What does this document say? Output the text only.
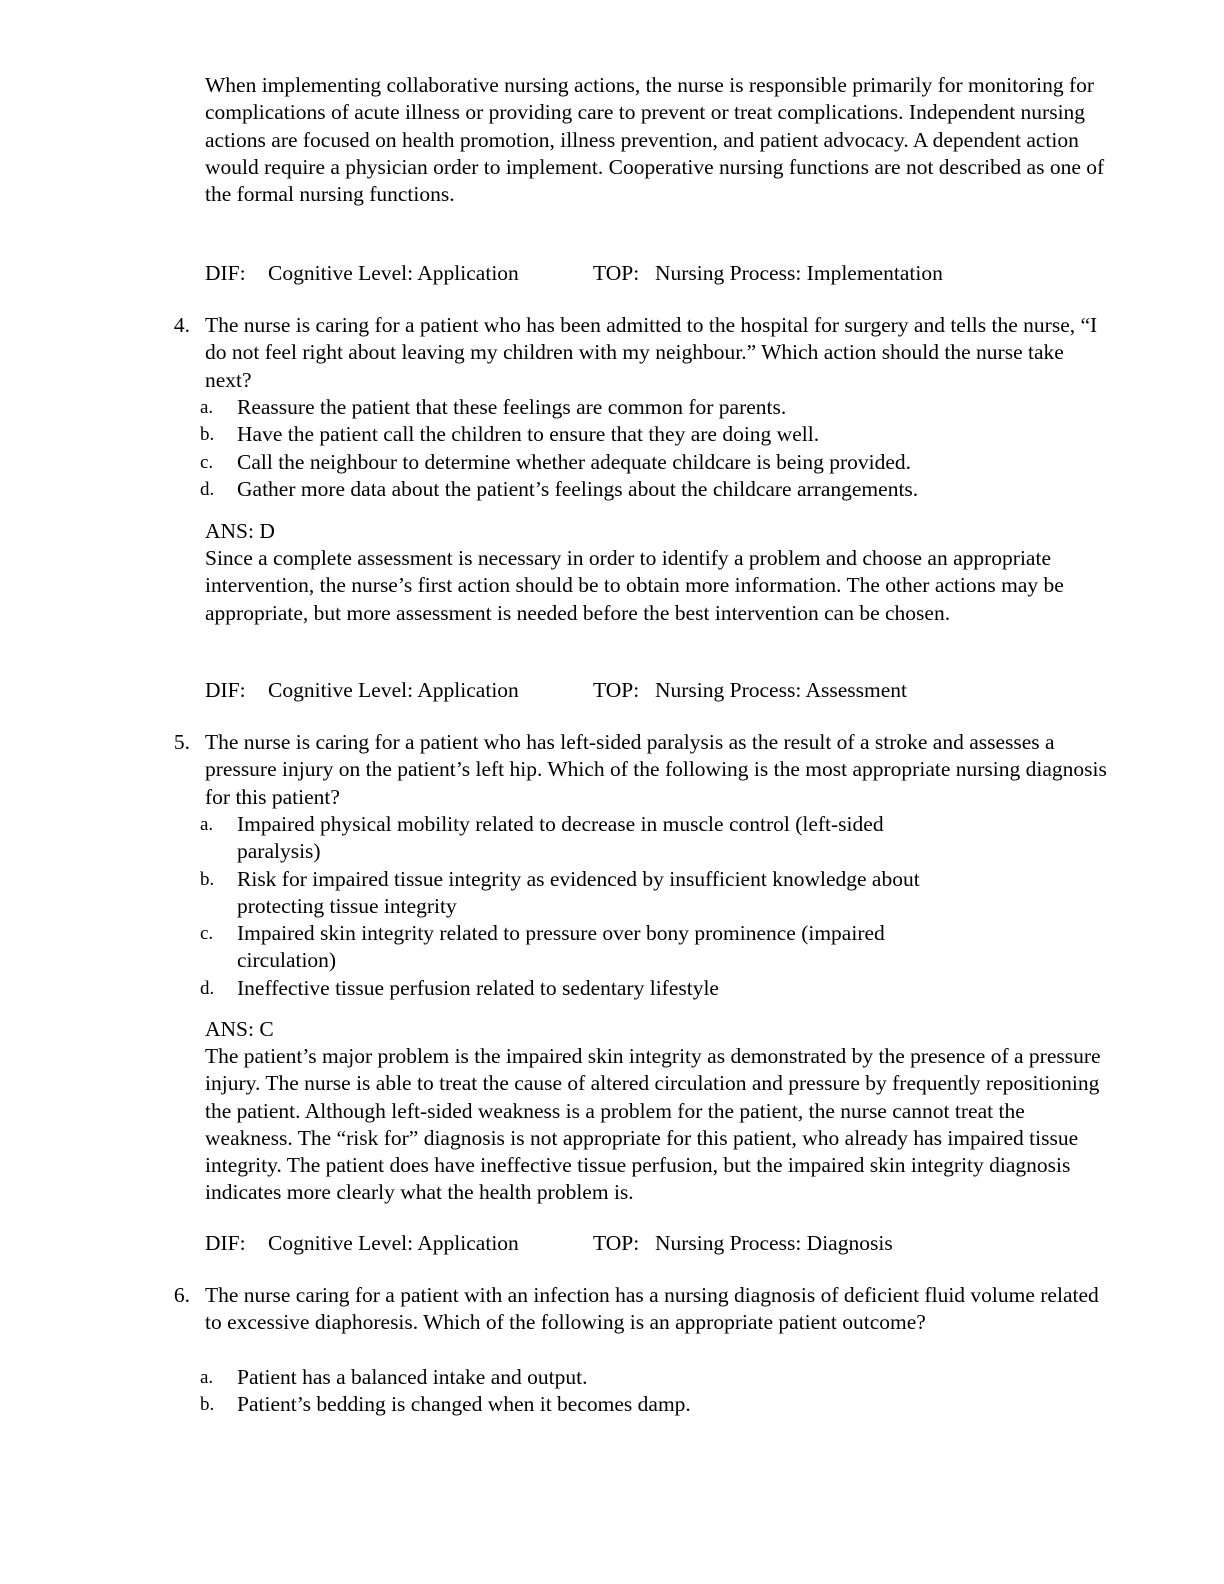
When implementing collaborative nursing actions, the nurse is responsible primarily for monitoring for complications of acute illness or providing care to prevent or treat complications. Independent nursing actions are focused on health promotion, illness prevention, and patient advocacy. A dependent action would require a physician order to implement. Cooperative nursing functions are not described as one of the formal nursing functions.

DIF: Cognitive Level: Application	TOP: Nursing Process: Implementation
4. The nurse is caring for a patient who has been admitted to the hospital for surgery and tells the nurse, “I do not feel right about leaving my children with my neighbour.” Which action should the nurse take next?
a. Reassure the patient that these feelings are common for parents.
b. Have the patient call the children to ensure that they are doing well.
c. Call the neighbour to determine whether adequate childcare is being provided.
d. Gather more data about the patient’s feelings about the childcare arrangements.
ANS: D

Since a complete assessment is necessary in order to identify a problem and choose an appropriate intervention, the nurse’s first action should be to obtain more information. The other actions may be appropriate, but more assessment is needed before the best intervention can be chosen.

DIF: Cognitive Level: Application	TOP: Nursing Process: Assessment
5. The nurse is caring for a patient who has left-sided paralysis as the result of a stroke and assesses a pressure injury on the patient’s left hip. Which of the following is the most appropriate nursing diagnosis for this patient?
a. Impaired physical mobility related to decrease in muscle control (left-sided paralysis)
b. Risk for impaired tissue integrity as evidenced by insufficient knowledge about protecting tissue integrity
c. Impaired skin integrity related to pressure over bony prominence (impaired circulation)
d. Ineffective tissue perfusion related to sedentary lifestyle
ANS: C

The patient’s major problem is the impaired skin integrity as demonstrated by the presence of a pressure injury. The nurse is able to treat the cause of altered circulation and pressure by frequently repositioning the patient. Although left-sided weakness is a problem for the patient, the nurse cannot treat the weakness. The “risk for” diagnosis is not appropriate for this patient, who already has impaired tissue integrity. The patient does have ineffective tissue perfusion, but the impaired skin integrity diagnosis indicates more clearly what the health problem is.

DIF: Cognitive Level: Application	TOP: Nursing Process: Diagnosis
6. The nurse caring for a patient with an infection has a nursing diagnosis of deficient fluid volume related to excessive diaphoresis. Which of the following is an appropriate patient outcome?
a. Patient has a balanced intake and output.
b. Patient’s bedding is changed when it becomes damp.
